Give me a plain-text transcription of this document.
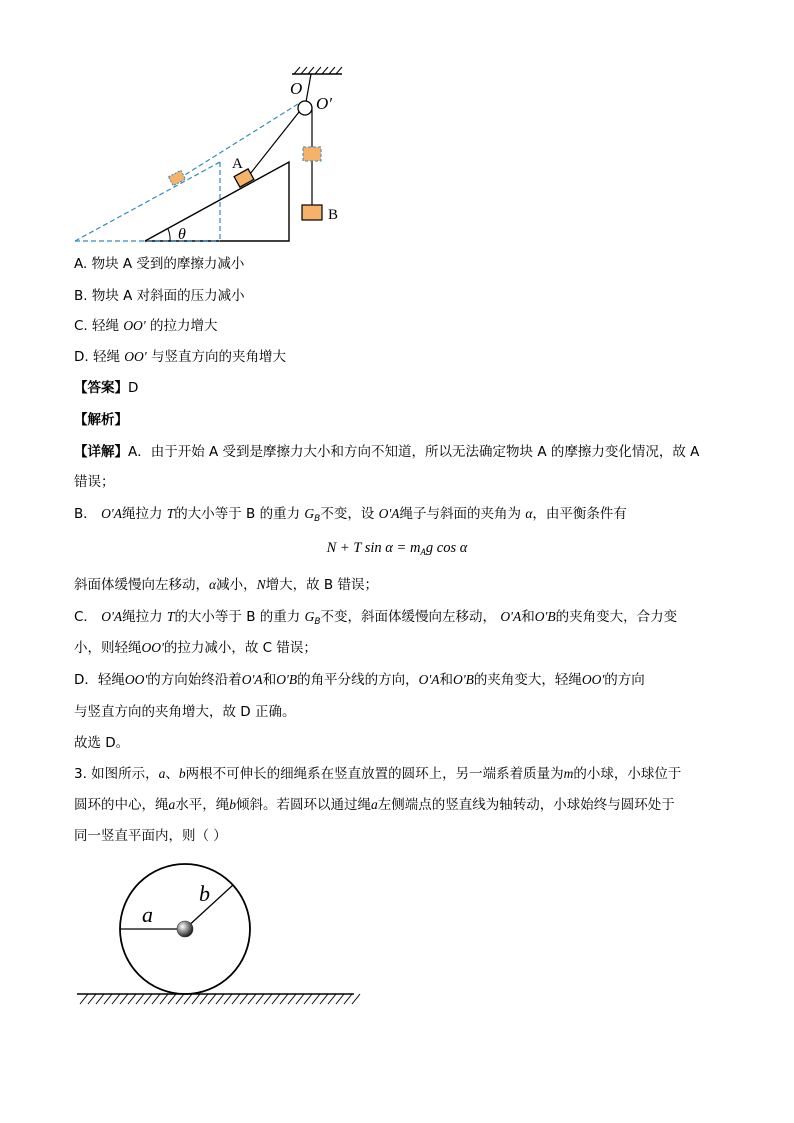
O
O′
A
B
θ
A. 物块 A 受到的摩擦力减小
B. 物块 A 对斜面的压力减小
C. 轻绳 OO' 的拉力增大
D. 轻绳 OO' 与竖直方向的夹角增大
【答案】D
【解析】
【详解】A．由于开始 A 受到是摩擦力大小和方向不知道，所以无法确定物块 A 的摩擦力变化情况，故 A
错误；
B． O'A绳拉力 T的大小等于 B 的重力 $G_B$不变，设 O'A绳子与斜面的夹角为 α，由平衡条件有
N + T $\sin \alpha = m_Ag$ cos α
斜面体缓慢向左移动，α减小，N增大，故 B 错误；
C． O'A绳拉力 T的大小等于 B 的重力 $G_B$不变，斜面体缓慢向左移动， O'A和O'B的夹角变大，合力变
小，则轻绳OO'的拉力减小，故 C 错误；
D．轻绳OO'的方向始终沿着O'A和O'B的角平分线的方向，O'A和O'B的夹角变大，轻绳OO'的方向
与竖直方向的夹角增大，故 D 正确。
故选 D。
3. 如图所示，a、b两根不可伸长的细绳系在竖直放置的圆环上，另一端系着质量为m的小球，小球位于
圆环的中心，绳a水平，绳b倾斜。若圆环以通过绳a左侧端点的竖直线为轴转动，小球始终与圆环处于
同一竖直平面内，则（ ）
a
b
